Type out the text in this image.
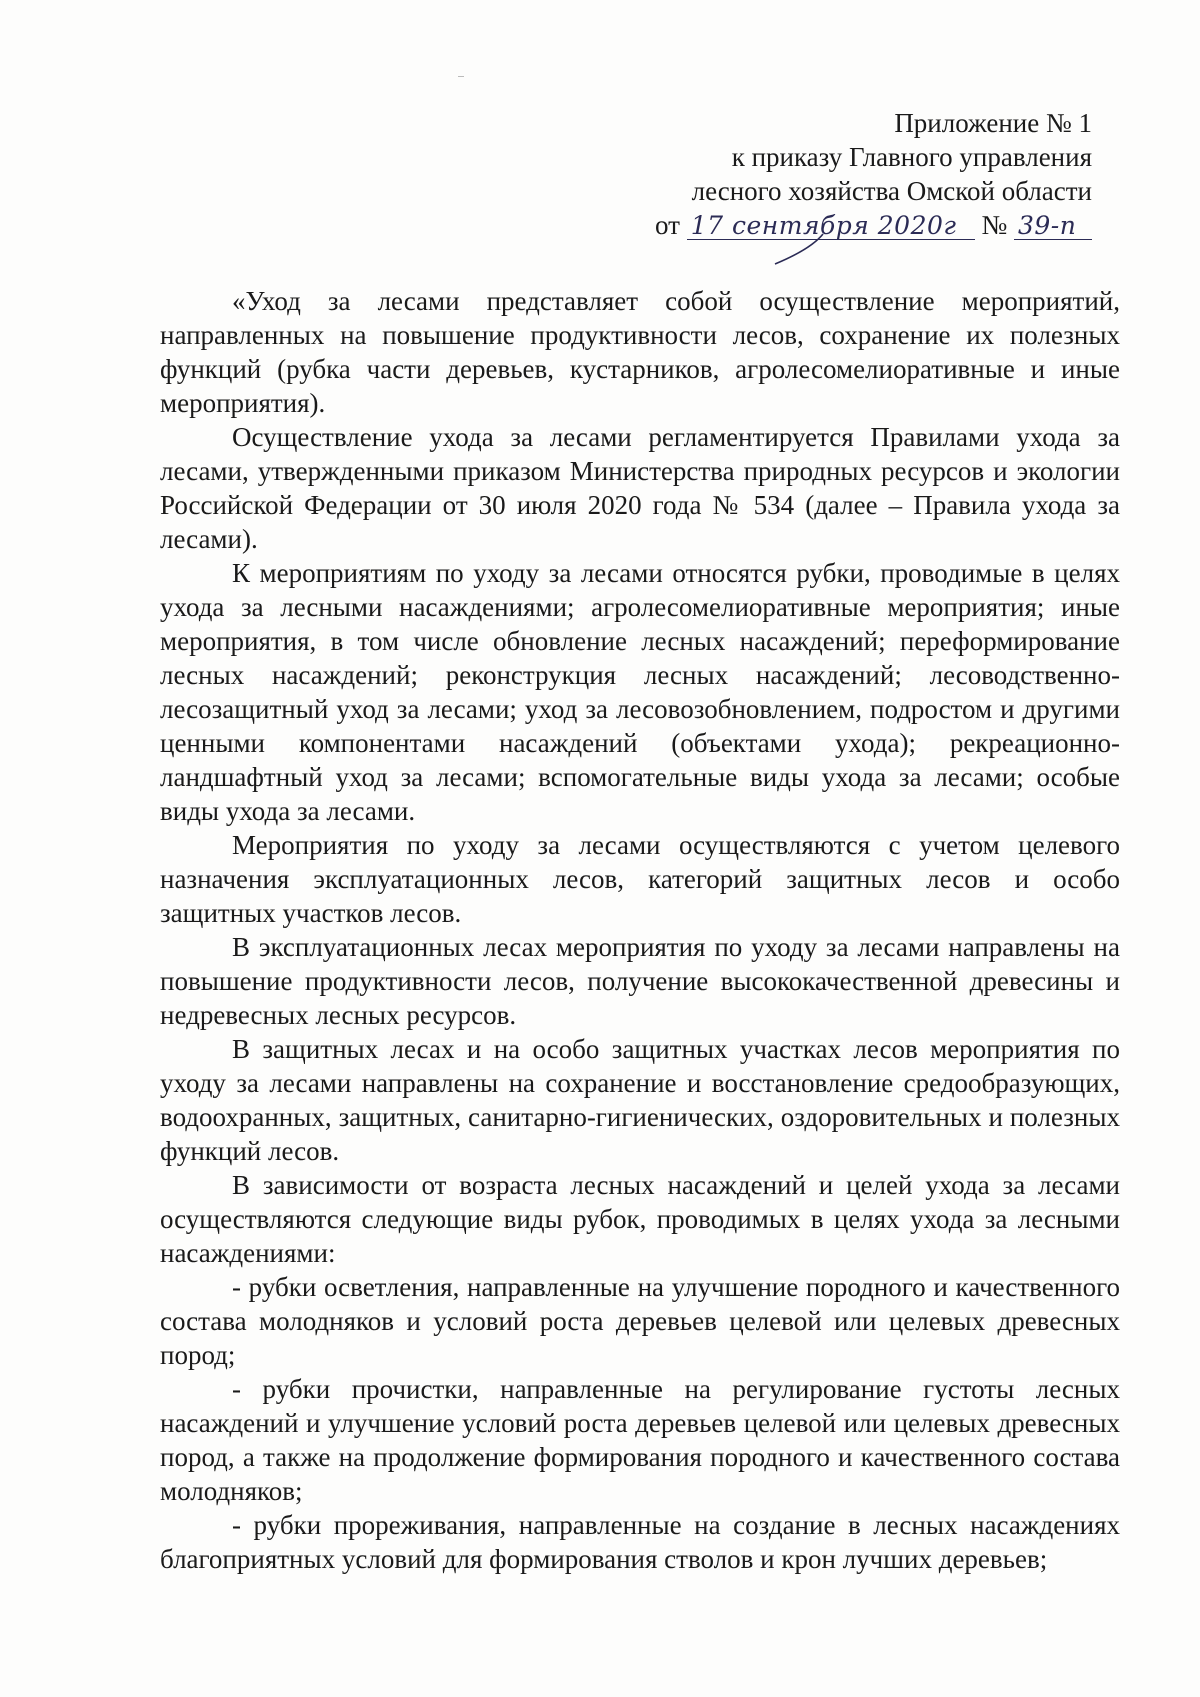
Приложение № 1
к приказу Главного управления
лесного хозяйства Омской области
от 17 сентября 2020г № 39-п

«Уход за лесами представляет собой осуществление мероприятий, направленных на повышение продуктивности лесов, сохранение их полезных функций (рубка части деревьев, кустарников, агролесомелиоративные и иные мероприятия).

Осуществление ухода за лесами регламентируется Правилами ухода за лесами, утвержденными приказом Министерства природных ресурсов и экологии Российской Федерации от 30 июля 2020 года № 534 (далее – Правила ухода за лесами).

К мероприятиям по уходу за лесами относятся рубки, проводимые в целях ухода за лесными насаждениями; агролесомелиоративные мероприятия; иные мероприятия, в том числе обновление лесных насаждений; переформирование лесных насаждений; реконструкция лесных насаждений; лесоводственно-лесозащитный уход за лесами; уход за лесовозобновлением, подростом и другими ценными компонентами насаждений (объектами ухода); рекреационно-ландшафтный уход за лесами; вспомогательные виды ухода за лесами; особые виды ухода за лесами.

Мероприятия по уходу за лесами осуществляются с учетом целевого назначения эксплуатационных лесов, категорий защитных лесов и особо защитных участков лесов.

В эксплуатационных лесах мероприятия по уходу за лесами направлены на повышение продуктивности лесов, получение высококачественной древесины и недревесных лесных ресурсов.

В защитных лесах и на особо защитных участках лесов мероприятия по уходу за лесами направлены на сохранение и восстановление средообразующих, водоохранных, защитных, санитарно-гигиенических, оздоровительных и полезных функций лесов.

В зависимости от возраста лесных насаждений и целей ухода за лесами осуществляются следующие виды рубок, проводимых в целях ухода за лесными насаждениями:

- рубки осветления, направленные на улучшение породного и качественного состава молодняков и условий роста деревьев целевой или целевых древесных пород;

- рубки прочистки, направленные на регулирование густоты лесных насаждений и улучшение условий роста деревьев целевой или целевых древесных пород, а также на продолжение формирования породного и качественного состава молодняков;

- рубки прореживания, направленные на создание в лесных насаждениях благоприятных условий для формирования стволов и крон лучших деревьев;
